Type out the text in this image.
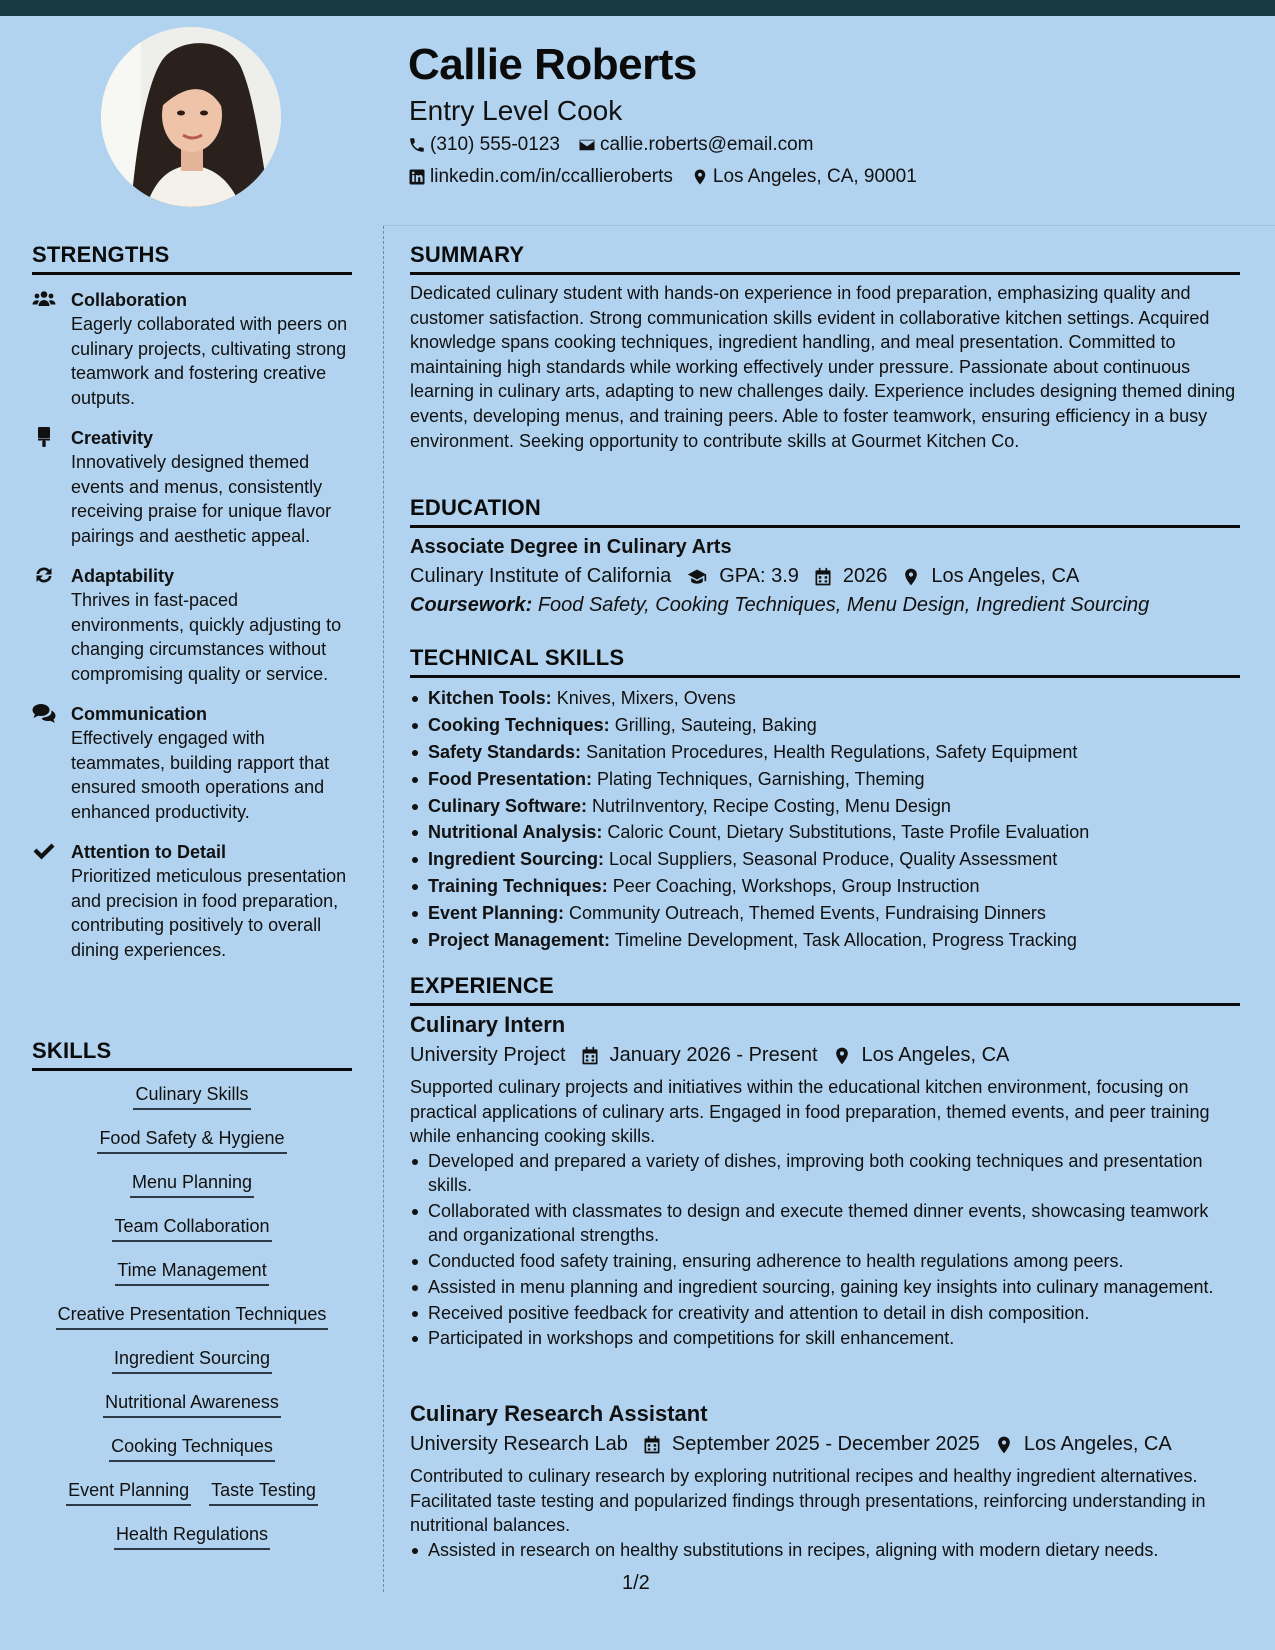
Callie Roberts
Entry Level Cook
(310) 555-0123 callie.roberts@email.com
linkedin.com/in/ccallieroberts Los Angeles, CA, 90001
STRENGTHS
Collaboration
Eagerly collaborated with peers on culinary projects, cultivating strong teamwork and fostering creative outputs.
Creativity
Innovatively designed themed events and menus, consistently receiving praise for unique flavor pairings and aesthetic appeal.
Adaptability
Thrives in fast-paced environments, quickly adjusting to changing circumstances without compromising quality or service.
Communication
Effectively engaged with teammates, building rapport that ensured smooth operations and enhanced productivity.
Attention to Detail
Prioritized meticulous presentation and precision in food preparation, contributing positively to overall dining experiences.
SKILLS
Culinary Skills
Food Safety & Hygiene
Menu Planning
Team Collaboration
Time Management
Creative Presentation Techniques
Ingredient Sourcing
Nutritional Awareness
Cooking Techniques
Event Planning Taste Testing
Health Regulations
SUMMARY
Dedicated culinary student with hands-on experience in food preparation, emphasizing quality and customer satisfaction. Strong communication skills evident in collaborative kitchen settings. Acquired knowledge spans cooking techniques, ingredient handling, and meal presentation. Committed to maintaining high standards while working effectively under pressure. Passionate about continuous learning in culinary arts, adapting to new challenges daily. Experience includes designing themed dining events, developing menus, and training peers. Able to foster teamwork, ensuring efficiency in a busy environment. Seeking opportunity to contribute skills at Gourmet Kitchen Co.
EDUCATION
Associate Degree in Culinary Arts
Culinary Institute of California GPA: 3.9 2026 Los Angeles, CA
Coursework: Food Safety, Cooking Techniques, Menu Design, Ingredient Sourcing
TECHNICAL SKILLS
Kitchen Tools: Knives, Mixers, Ovens
Cooking Techniques: Grilling, Sauteing, Baking
Safety Standards: Sanitation Procedures, Health Regulations, Safety Equipment
Food Presentation: Plating Techniques, Garnishing, Theming
Culinary Software: NutriInventory, Recipe Costing, Menu Design
Nutritional Analysis: Caloric Count, Dietary Substitutions, Taste Profile Evaluation
Ingredient Sourcing: Local Suppliers, Seasonal Produce, Quality Assessment
Training Techniques: Peer Coaching, Workshops, Group Instruction
Event Planning: Community Outreach, Themed Events, Fundraising Dinners
Project Management: Timeline Development, Task Allocation, Progress Tracking
EXPERIENCE
Culinary Intern
University Project January 2026 - Present Los Angeles, CA
Supported culinary projects and initiatives within the educational kitchen environment, focusing on practical applications of culinary arts. Engaged in food preparation, themed events, and peer training while enhancing cooking skills.
Developed and prepared a variety of dishes, improving both cooking techniques and presentation skills.
Collaborated with classmates to design and execute themed dinner events, showcasing teamwork and organizational strengths.
Conducted food safety training, ensuring adherence to health regulations among peers.
Assisted in menu planning and ingredient sourcing, gaining key insights into culinary management.
Received positive feedback for creativity and attention to detail in dish composition.
Participated in workshops and competitions for skill enhancement.
Culinary Research Assistant
University Research Lab September 2025 - December 2025 Los Angeles, CA
Contributed to culinary research by exploring nutritional recipes and healthy ingredient alternatives. Facilitated taste testing and popularized findings through presentations, reinforcing understanding in nutritional balances.
Assisted in research on healthy substitutions in recipes, aligning with modern dietary needs.
1/2
